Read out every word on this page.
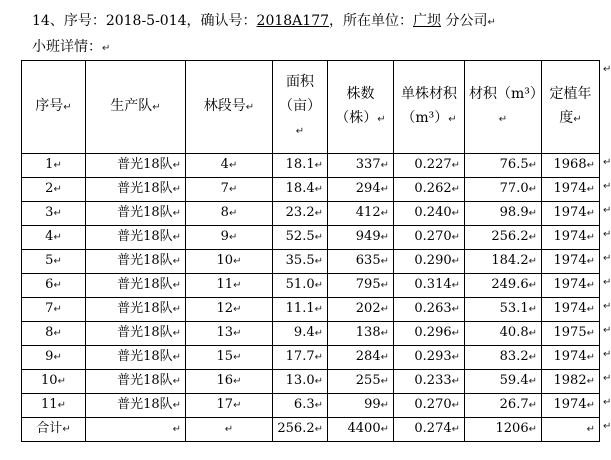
14、序号：2018-5-014，确认号：2018A177，所在单位：广坝 分公司↵
小班详情：↵
序号↵	生产队↵	林段号↵	面积（亩）↵	株数（株）↵	单株材积（m³）↵	材积（m³）↵	定植年度↵
1↵	普光18队↵	4↵	18.1↵	337↵	0.227↵	76.5↵	1968↵
2↵	普光18队↵	7↵	18.4↵	294↵	0.262↵	77.0↵	1974↵
3↵	普光18队↵	8↵	23.2↵	412↵	0.240↵	98.9↵	1974↵
4↵	普光18队↵	9↵	52.5↵	949↵	0.270↵	256.2↵	1974↵
5↵	普光18队↵	10↵	35.5↵	635↵	0.290↵	184.2↵	1974↵
6↵	普光18队↵	11↵	51.0↵	795↵	0.314↵	249.6↵	1974↵
7↵	普光18队↵	12↵	11.1↵	202↵	0.263↵	53.1↵	1974↵
8↵	普光18队↵	13↵	9.4↵	138↵	0.296↵	40.8↵	1975↵
9↵	普光18队↵	15↵	17.7↵	284↵	0.293↵	83.2↵	1974↵
10↵	普光18队↵	16↵	13.0↵	255↵	0.233↵	59.4↵	1982↵
11↵	普光18队↵	17↵	6.3↵	99↵	0.270↵	26.7↵	1974↵
合计↵	↵	↵	256.2↵	4400↵	0.274↵	1206↵	↵
↵
↵
↵
↵
↵
↵
↵
↵
↵
↵
↵
↵
↵
